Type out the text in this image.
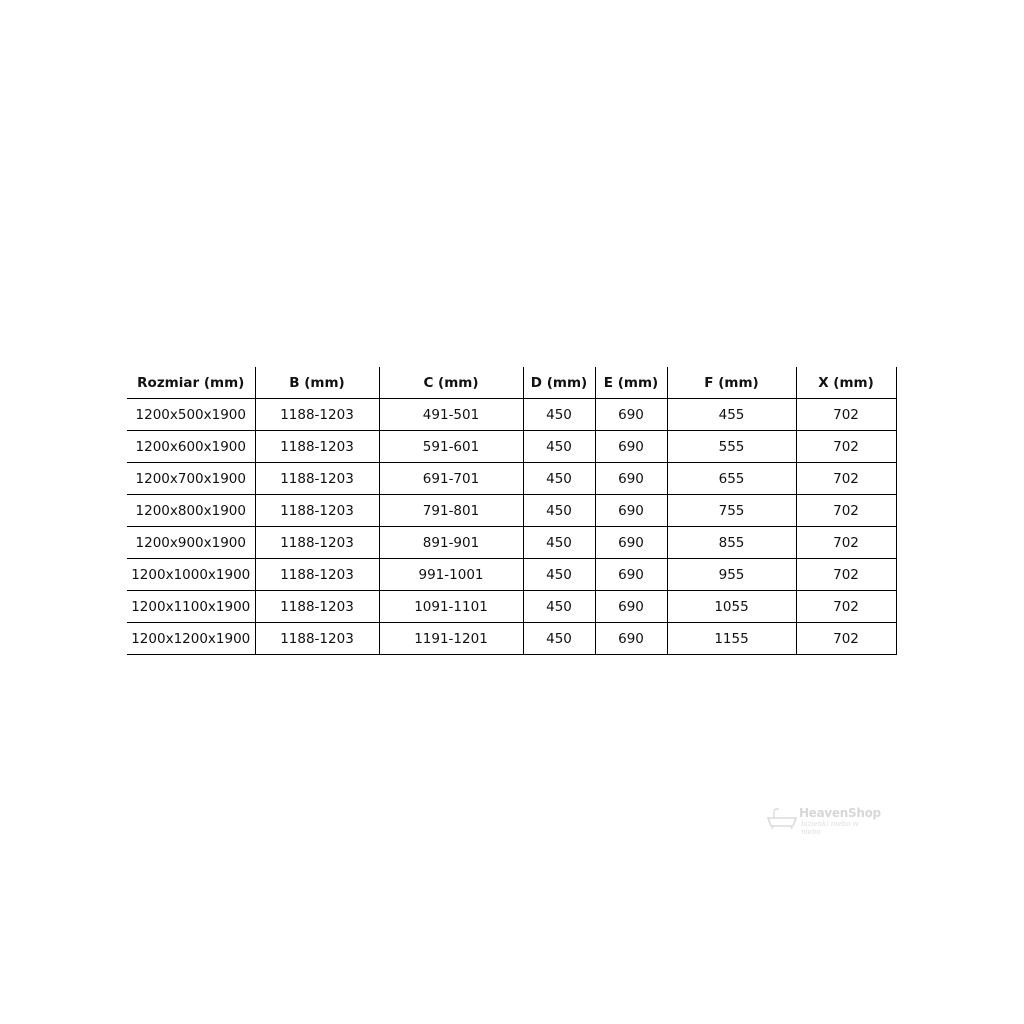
Rozmiar (mm)	B (mm)	C (mm)	D (mm)	E (mm)	F (mm)	X (mm)
1200x500x1900	1188-1203	491-501	450	690	455	702
1200x600x1900	1188-1203	591-601	450	690	555	702
1200x700x1900	1188-1203	691-701	450	690	655	702
1200x800x1900	1188-1203	791-801	450	690	755	702
1200x900x1900	1188-1203	891-901	450	690	855	702
1200x1000x1900	1188-1203	991-1001	450	690	955	702
1200x1100x1900	1188-1203	1091-1101	450	690	1055	702
1200x1200x1900	1188-1203	1191-1201	450	690	1155	702
HeavenShop
łazienki niebo w niebo
